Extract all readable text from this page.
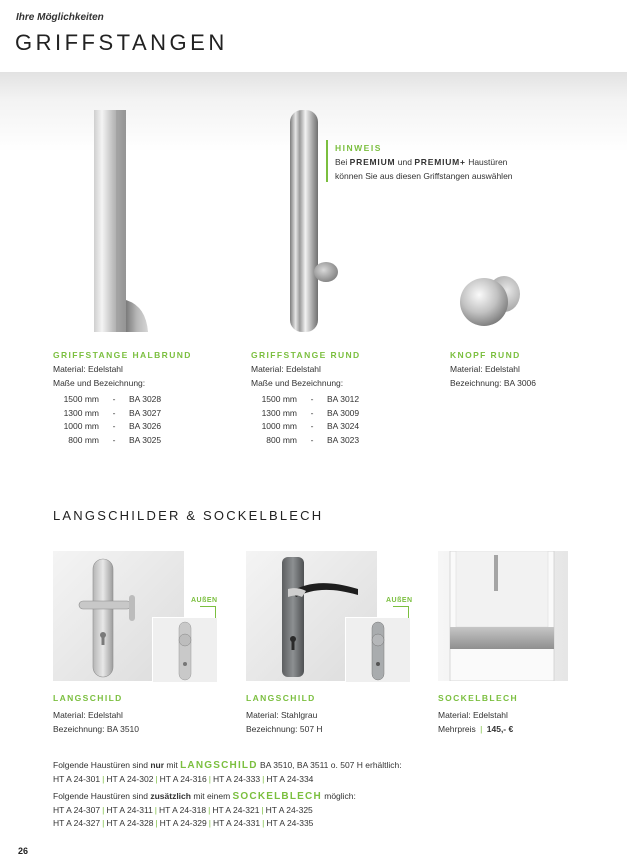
Ihre Möglichkeiten
GRIFFSTANGEN
HINWEIS
Bei PREMIUM und PREMIUM+ Haustüren
können Sie aus diesen Griffstangen auswählen
GRIFFSTANGE HALBRUND
Material: Edelstahl
Maße und Bezeichnung:
1500 mm	-	BA 3028
1300 mm	-	BA 3027
1000 mm	-	BA 3026
800 mm	-	BA 3025
GRIFFSTANGE RUND
Material: Edelstahl
Maße und Bezeichnung:
1500 mm	-	BA 3012
1300 mm	-	BA 3009
1000 mm	-	BA 3024
800 mm	-	BA 3023
KNOPF RUND
Material: Edelstahl
Bezeichnung: BA 3006
LANGSCHILDER & SOCKELBLECH
AUßEN	AUßEN
LANGSCHILD
Material: Edelstahl
Bezeichnung: BA 3510
LANGSCHILD
Material: Stahlgrau
Bezeichnung: 507 H
SOCKELBLECH
Material: Edelstahl
Mehrpreis | 145,- €
Folgende Haustüren sind nur mit LANGSCHILD BA 3510, BA 3511 o. 507 H erhältlich:
HT A 24-301 | HT A 24-302 | HT A 24-316 | HT A 24-333 | HT A 24-334
Folgende Haustüren sind zusätzlich mit einem SOCKELBLECH möglich:
HT A 24-307 | HT A 24-311 | HT A 24-318 | HT A 24-321 | HT A 24-325
HT A 24-327 | HT A 24-328 | HT A 24-329 | HT A 24-331 | HT A 24-335
26
